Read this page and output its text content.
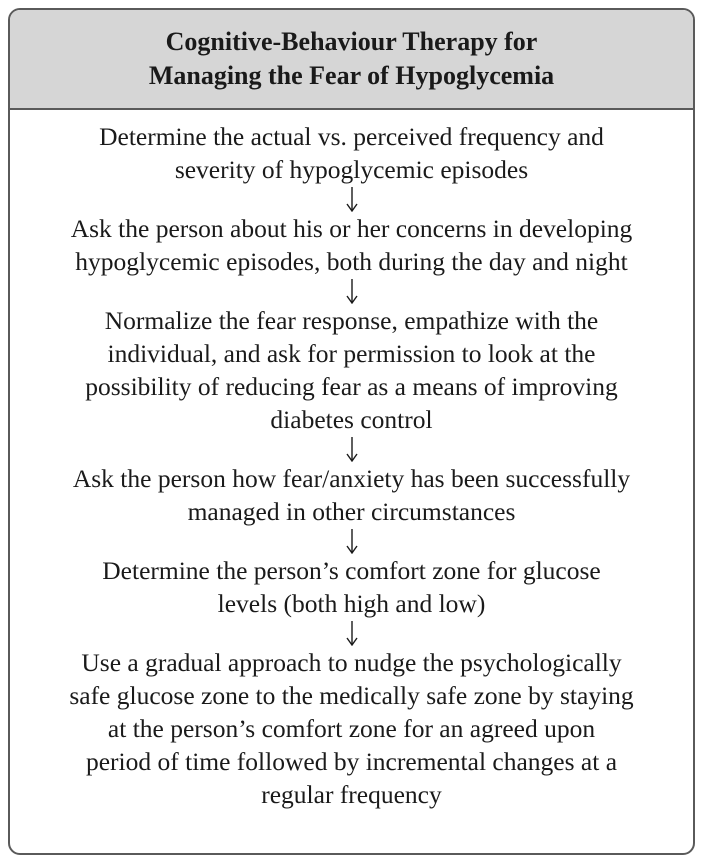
Cognitive-Behaviour Therapy for
Managing the Fear of Hypoglycemia
Determine the actual vs. perceived frequency and
severity of hypoglycemic episodes
Ask the person about his or her concerns in developing
hypoglycemic episodes, both during the day and night
Normalize the fear response, empathize with the
individual, and ask for permission to look at the
possibility of reducing fear as a means of improving
diabetes control
Ask the person how fear/anxiety has been successfully
managed in other circumstances
Determine the person’s comfort zone for glucose
levels (both high and low)
Use a gradual approach to nudge the psychologically
safe glucose zone to the medically safe zone by staying
at the person’s comfort zone for an agreed upon
period of time followed by incremental changes at a
regular frequency
